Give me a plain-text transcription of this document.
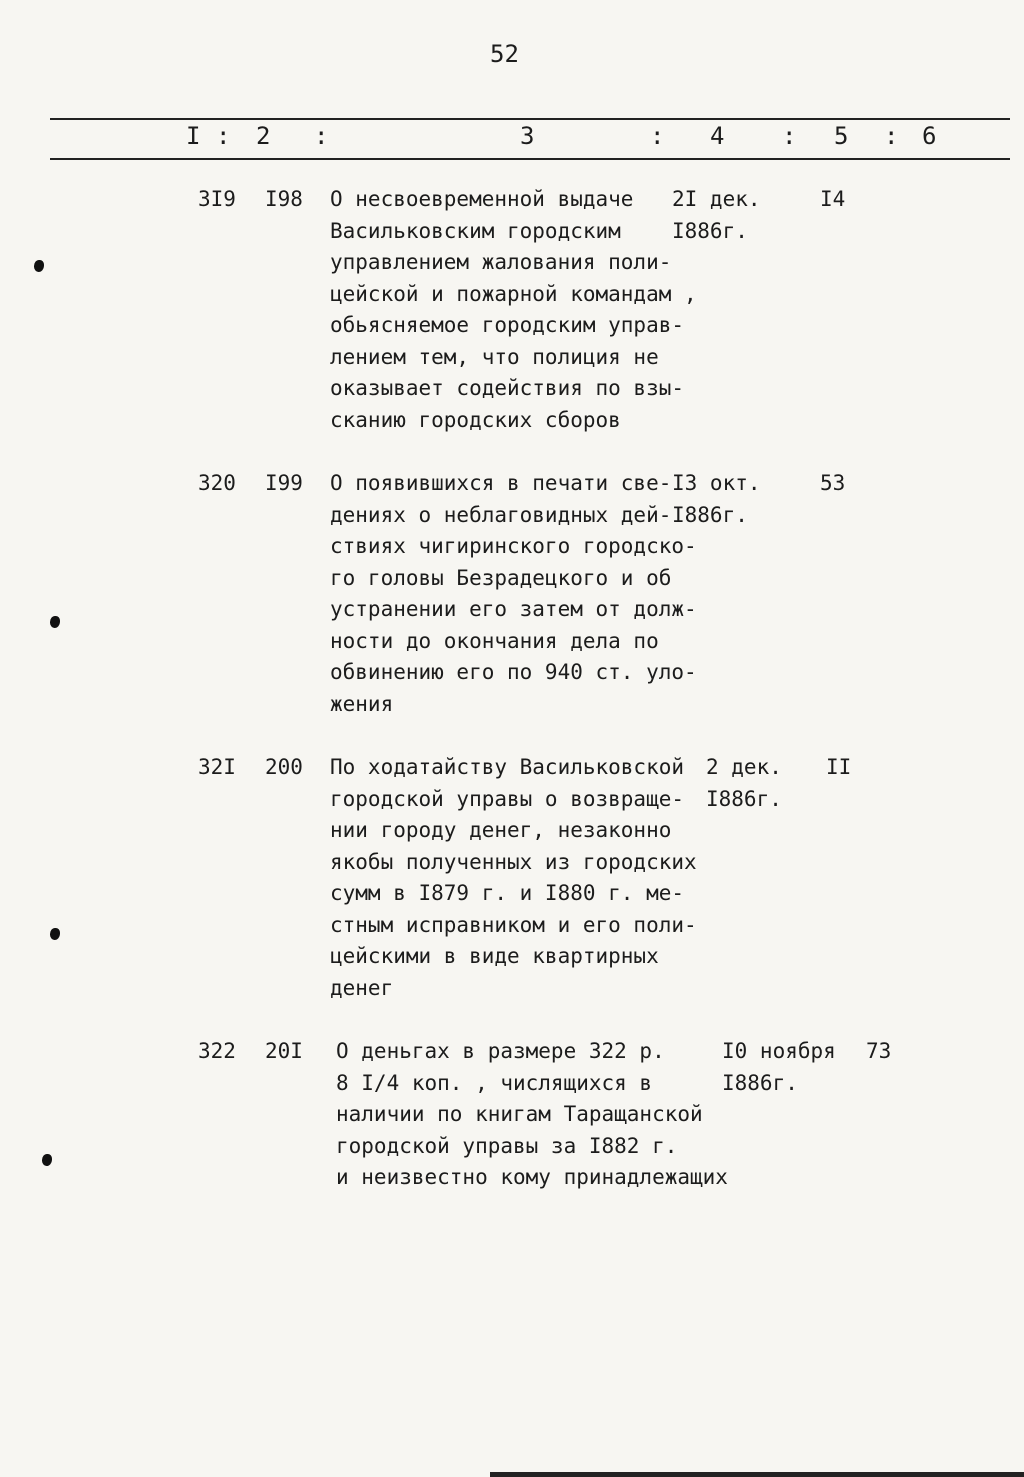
52
I : 2 :	3	: 4 : 5 : 6
3I9 I98 О несвоевременной выдаче
Васильковским городским
управлением жалования поли-
цейской и пожарной командам ,
обьясняемое городским управ-
лением тем, что полиция не
оказывает содействия по взы-
сканию городских сборов
2I дек.
I886г.
I4
320 I99 О появившихся в печати све-
дениях о неблаговидных дей-
ствиях чигиринского городско-
го головы Безрадецкого и об
устранении его затем от долж-
ности до окончания дела по
обвинению его по 940 ст. уло-
жения
I3 окт.
I886г.
53
32I 200 По ходатайству Васильковской
городской управы о возвраще-
нии городу денег, незаконно
якобы полученных из городских
сумм в I879 г. и I880 г. ме-
стным исправником и его поли-
цейскими в виде квартирных
денег
2 дек.
I886г.
II
322 20I О деньгах в размере 322 р.
8 I/4 коп. , числящихся в
наличии по книгам Таращанской
городской управы за I882 г.
и неизвестно кому принадлежащих
I0 ноября
I886г.
73
